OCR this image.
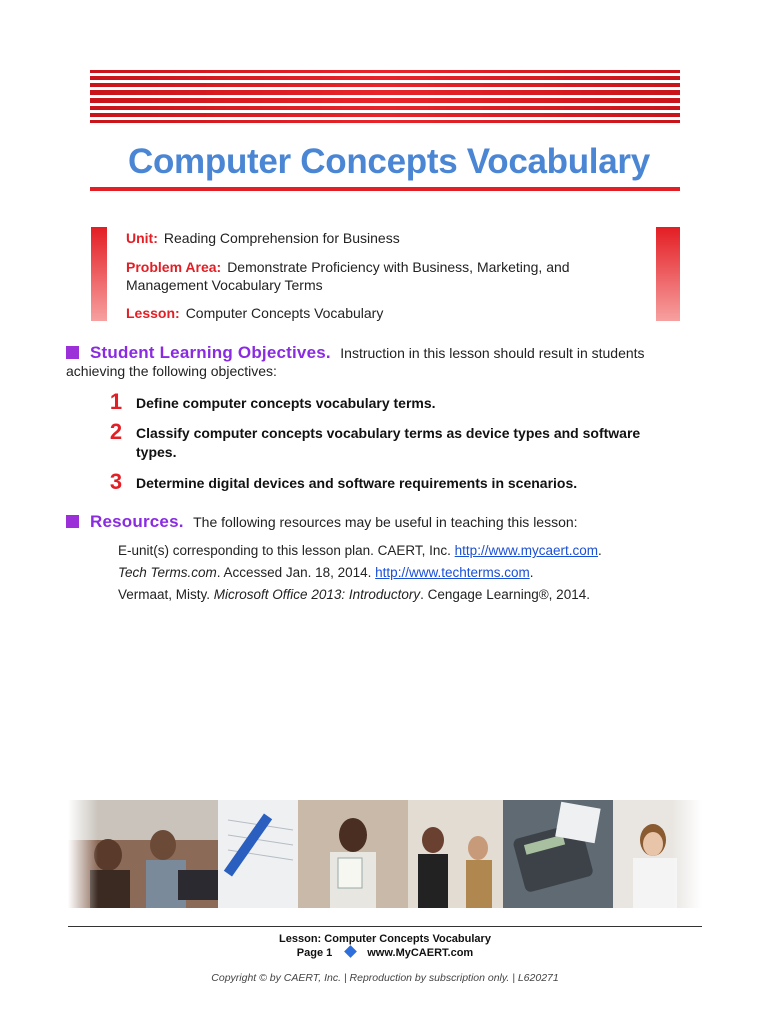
Computer Concepts Vocabulary
Unit: Reading Comprehension for Business
Problem Area: Demonstrate Proficiency with Business, Marketing, and
Management Vocabulary Terms
Lesson: Computer Concepts Vocabulary
Student Learning Objectives. Instruction in this lesson should result in students
achieving the following objectives:
1 Define computer concepts vocabulary terms.
2 Classify computer concepts vocabulary terms as device types and software
types.
3 Determine digital devices and software requirements in scenarios.
Resources. The following resources may be useful in teaching this lesson:
E-unit(s) corresponding to this lesson plan. CAERT, Inc. http://www.mycaert.com.
Tech Terms.com. Accessed Jan. 18, 2014. http://www.techterms.com.
Vermaat, Misty. Microsoft Office 2013: Introductory. Cengage Learning®, 2014.
Lesson: Computer Concepts Vocabulary
Page 1	www.MyCAERT.com
Copyright © by CAERT, Inc. | Reproduction by subscription only. | L620271
